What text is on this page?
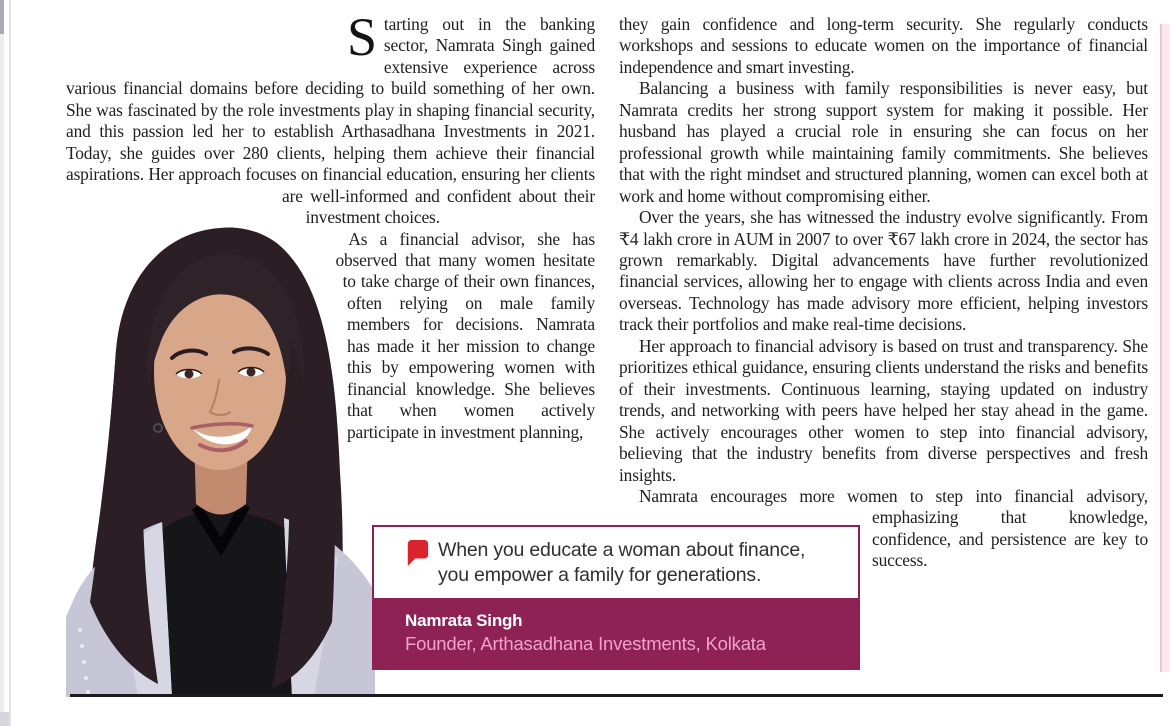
Starting out in the banking sector, Namrata Singh gained extensive experience across various financial domains before deciding to build something of her own. She was fascinated by the role investments play in shaping financial security, and this passion led her to establish Arthasadhana Investments in 2021. Today, she guides over 280 clients, helping them achieve their financial aspirations. Her approach focuses on financial education, ensuring her clients are well-informed and confident about their investment choices.

As a financial advisor, she has observed that many women hesitate to take charge of their own finances, often relying on male family members for decisions. Namrata has made it her mission to change this by empowering women with financial knowledge. She believes that when women actively participate in investment planning,

they gain confidence and long-term security. She regularly conducts workshops and sessions to educate women on the importance of financial independence and smart investing.

Balancing a business with family responsibilities is never easy, but Namrata credits her strong support system for making it possible. Her husband has played a crucial role in ensuring she can focus on her professional growth while maintaining family commitments. She believes that with the right mindset and structured planning, women can excel both at work and home without compromising either.

Over the years, she has witnessed the industry evolve significantly. From ₹4 lakh crore in AUM in 2007 to over ₹67 lakh crore in 2024, the sector has grown remarkably. Digital advancements have further revolutionized financial services, allowing her to engage with clients across India and even overseas. Technology has made advisory more efficient, helping investors track their portfolios and make real-time decisions.

Her approach to financial advisory is based on trust and transparency. She prioritizes ethical guidance, ensuring clients understand the risks and benefits of their investments. Continuous learning, staying updated on industry trends, and networking with peers have helped her stay ahead in the game. She actively encourages other women to step into financial advisory, believing that the industry benefits from diverse perspectives and fresh insights.

Namrata encourages more women to step into financial advisory, emphasizing that knowledge, confidence, and persistence are key to success.

When you educate a woman about finance, you empower a family for generations.
Namrata Singh
Founder, Arthasadhana Investments, Kolkata
